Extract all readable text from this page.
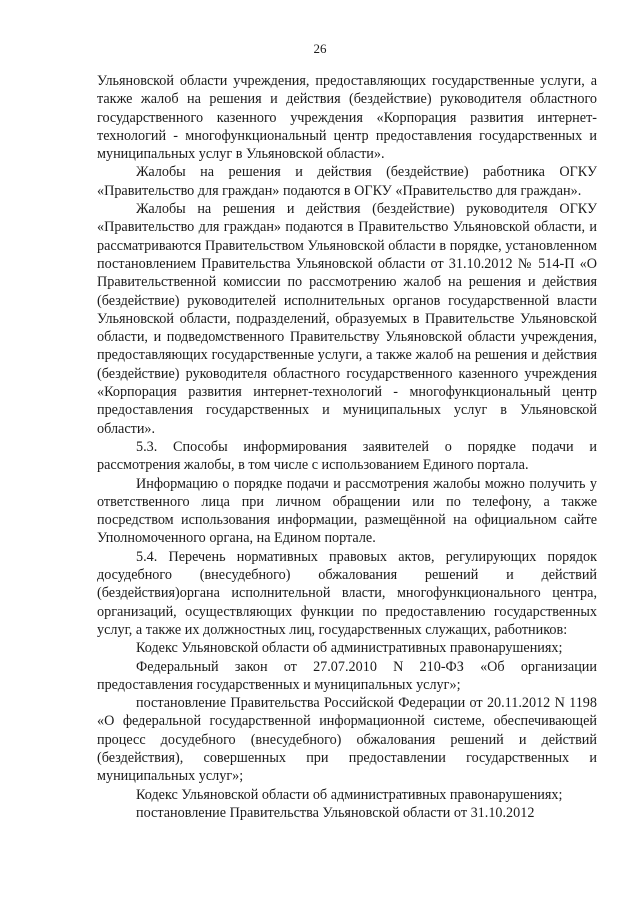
26

Ульяновской области учреждения, предоставляющих государственные услуги, а также жалоб на решения и действия (бездействие) руководителя областного государственного казенного учреждения «Корпорация развития интернет-технологий - многофункциональный центр предоставления государственных и муниципальных услуг в Ульяновской области».

Жалобы на решения и действия (бездействие) работника ОГКУ «Правительство для граждан» подаются в ОГКУ «Правительство для граждан».

Жалобы на решения и действия (бездействие) руководителя ОГКУ «Правительство для граждан» подаются в Правительство Ульяновской области, и рассматриваются Правительством Ульяновской области в порядке, установленном постановлением Правительства Ульяновской области от 31.10.2012 № 514-П «О Правительственной комиссии по рассмотрению жалоб на решения и действия (бездействие) руководителей исполнительных органов государственной власти Ульяновской области, подразделений, образуемых в Правительстве Ульяновской области, и подведомственного Правительству Ульяновской области учреждения, предоставляющих государственные услуги, а также жалоб на решения и действия (бездействие) руководителя областного государственного казенного учреждения «Корпорация развития интернет-технологий - многофункциональный центр предоставления государственных и муниципальных услуг в Ульяновской области».

5.3. Способы информирования заявителей о порядке подачи и рассмотрения жалобы, в том числе с использованием Единого портала.

Информацию о порядке подачи и рассмотрения жалобы можно получить у ответственного лица при личном обращении или по телефону, а также посредством использования информации, размещённой на официальном сайте Уполномоченного органа, на Едином портале.

5.4. Перечень нормативных правовых актов, регулирующих порядок досудебного (внесудебного) обжалования решений и действий (бездействия)органа исполнительной власти, многофункционального центра, организаций, осуществляющих функции по предоставлению государственных услуг, а также их должностных лиц, государственных служащих, работников:

Кодекс Ульяновской области об административных правонарушениях;

Федеральный закон от 27.07.2010 N 210-ФЗ «Об организации предоставления государственных и муниципальных услуг»;

постановление Правительства Российской Федерации от 20.11.2012 N 1198 «О федеральной государственной информационной системе, обеспечивающей процесс досудебного (внесудебного) обжалования решений и действий (бездействия), совершенных при предоставлении государственных и муниципальных услуг»;

Кодекс Ульяновской области об административных правонарушениях;

постановление Правительства Ульяновской области от 31.10.2012
